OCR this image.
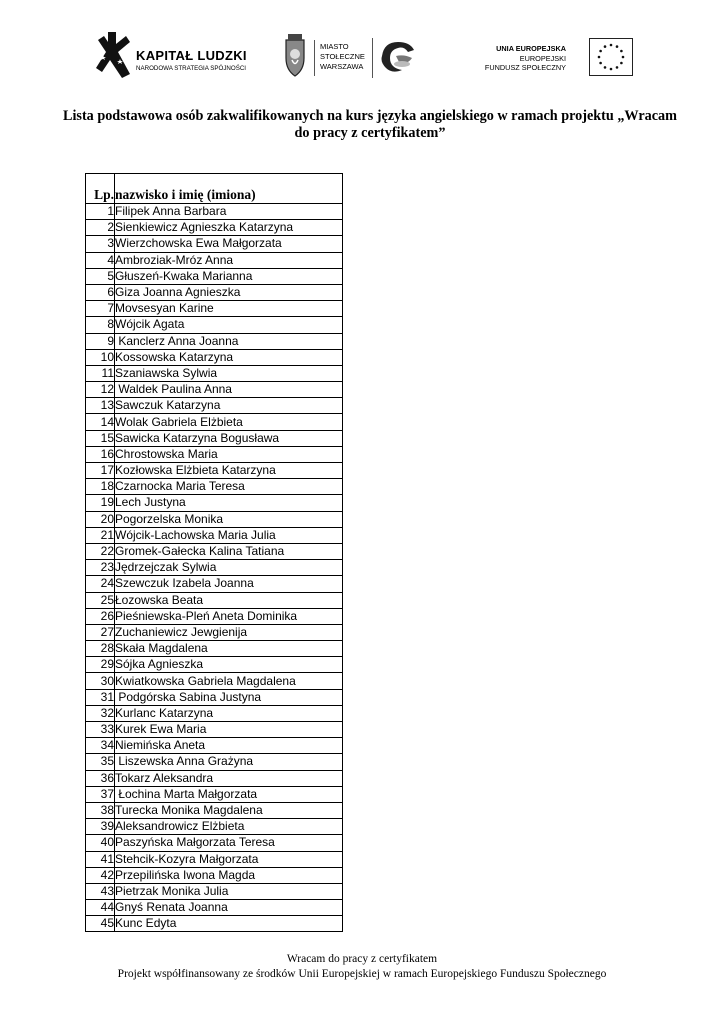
KAPITAŁ LUDZKI
NARODOWA STRATEGIA SPÓJNOŚCI
MIASTO
STOŁECZNE
WARSZAWA
UNIA EUROPEJSKA
EUROPEJSKI
FUNDUSZ SPOŁECZNY
Lista podstawowa osób zakwalifikowanych na kurs języka angielskiego w ramach projektu „Wracam do pracy z certyfikatem”
Lp.	nazwisko i imię (imiona)
1	Filipek Anna Barbara
2	Sienkiewicz Agnieszka Katarzyna
3	Wierzchowska Ewa Małgorzata
4	Ambroziak-Mróz Anna
5	Głuszeń-Kwaka Marianna
6	Giza Joanna Agnieszka
7	Movsesyan Karine
8	Wójcik Agata
9	Kanclerz Anna Joanna
10	Kossowska Katarzyna
11	Szaniawska Sylwia
12	Waldek Paulina Anna
13	Sawczuk Katarzyna
14	Wolak Gabriela Elżbieta
15	Sawicka Katarzyna Bogusława
16	Chrostowska Maria
17	Kozłowska Elżbieta Katarzyna
18	Czarnocka Maria Teresa
19	Lech Justyna
20	Pogorzelska Monika
21	Wójcik-Lachowska Maria Julia
22	Gromek-Gałecka Kalina Tatiana
23	Jędrzejczak Sylwia
24	Szewczuk Izabela Joanna
25	Łozowska Beata
26	Pieśniewska-Pleń Aneta Dominika
27	Zuchaniewicz Jewgienija
28	Skała Magdalena
29	Sójka Agnieszka
30	Kwiatkowska Gabriela Magdalena
31	Podgórska Sabina Justyna
32	Kurlanc Katarzyna
33	Kurek Ewa Maria
34	Niemińska Aneta
35	Liszewska Anna Grażyna
36	Tokarz Aleksandra
37	Łochina Marta Małgorzata
38	Turecka Monika Magdalena
39	Aleksandrowicz Elżbieta
40	Paszyńska Małgorzata Teresa
41	Stehcik-Kozyra Małgorzata
42	Przepilińska Iwona Magda
43	Pietrzak Monika Julia
44	Gnyś Renata Joanna
45	Kunc Edyta
Wracam do pracy z certyfikatem
Projekt współfinansowany ze środków Unii Europejskiej w ramach Europejskiego Funduszu Społecznego
